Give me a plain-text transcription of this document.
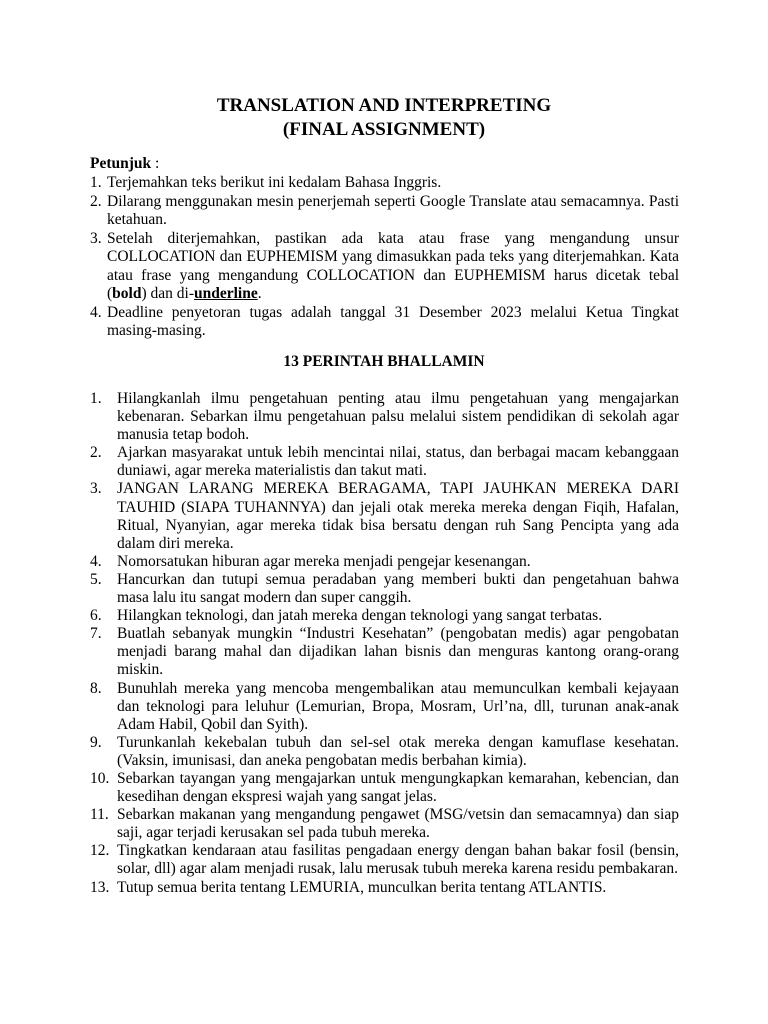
TRANSLATION AND INTERPRETING
(FINAL ASSIGNMENT)
Petunjuk :
1. Terjemahkan teks berikut ini kedalam Bahasa Inggris.
2. Dilarang menggunakan mesin penerjemah seperti Google Translate atau semacamnya. Pasti ketahuan.
3. Setelah diterjemahkan, pastikan ada kata atau frase yang mengandung unsur COLLOCATION dan EUPHEMISM yang dimasukkan pada teks yang diterjemahkan. Kata atau frase yang mengandung COLLOCATION dan EUPHEMISM harus dicetak tebal (bold) dan di-underline.
4. Deadline penyetoran tugas adalah tanggal 31 Desember 2023 melalui Ketua Tingkat masing-masing.
13 PERINTAH BHALLAMIN
1. Hilangkanlah ilmu pengetahuan penting atau ilmu pengetahuan yang mengajarkan kebenaran. Sebarkan ilmu pengetahuan palsu melalui sistem pendidikan di sekolah agar manusia tetap bodoh.
2. Ajarkan masyarakat untuk lebih mencintai nilai, status, dan berbagai macam kebanggaan duniawi, agar mereka materialistis dan takut mati.
3. JANGAN LARANG MEREKA BERAGAMA, TAPI JAUHKAN MEREKA DARI TAUHID (SIAPA TUHANNYA) dan jejali otak mereka mereka dengan Fiqih, Hafalan, Ritual, Nyanyian, agar mereka tidak bisa bersatu dengan ruh Sang Pencipta yang ada dalam diri mereka.
4. Nomorsatukan hiburan agar mereka menjadi pengejar kesenangan.
5. Hancurkan dan tutupi semua peradaban yang memberi bukti dan pengetahuan bahwa masa lalu itu sangat modern dan super canggih.
6. Hilangkan teknologi, dan jatah mereka dengan teknologi yang sangat terbatas.
7. Buatlah sebanyak mungkin “Industri Kesehatan” (pengobatan medis) agar pengobatan menjadi barang mahal dan dijadikan lahan bisnis dan menguras kantong orang-orang miskin.
8. Bunuhlah mereka yang mencoba mengembalikan atau memunculkan kembali kejayaan dan teknologi para leluhur (Lemurian, Bropa, Mosram, Url’na, dll, turunan anak-anak Adam Habil, Qobil dan Syith).
9. Turunkanlah kekebalan tubuh dan sel-sel otak mereka dengan kamuflase kesehatan. (Vaksin, imunisasi, dan aneka pengobatan medis berbahan kimia).
10. Sebarkan tayangan yang mengajarkan untuk mengungkapkan kemarahan, kebencian, dan kesedihan dengan ekspresi wajah yang sangat jelas.
11. Sebarkan makanan yang mengandung pengawet (MSG/vetsin dan semacamnya) dan siap saji, agar terjadi kerusakan sel pada tubuh mereka.
12. Tingkatkan kendaraan atau fasilitas pengadaan energy dengan bahan bakar fosil (bensin, solar, dll) agar alam menjadi rusak, lalu merusak tubuh mereka karena residu pembakaran.
13. Tutup semua berita tentang LEMURIA, munculkan berita tentang ATLANTIS.
